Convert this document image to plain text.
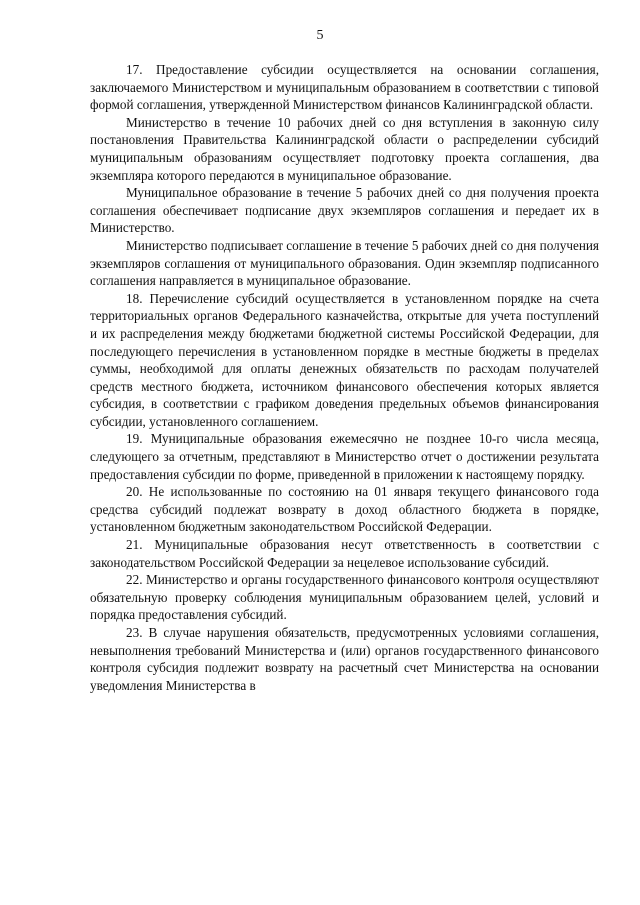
5

17. Предоставление субсидии осуществляется на основании соглашения, заключаемого Министерством и муниципальным образованием в соответствии с типовой формой соглашения, утвержденной Министерством финансов Калининградской области.

Министерство в течение 10 рабочих дней со дня вступления в законную силу постановления Правительства Калининградской области о распределении субсидий муниципальным образованиям осуществляет подготовку проекта соглашения, два экземпляра которого передаются в муниципальное образование.

Муниципальное образование в течение 5 рабочих дней со дня получения проекта соглашения обеспечивает подписание двух экземпляров соглашения и передает их в Министерство.

Министерство подписывает соглашение в течение 5 рабочих дней со дня получения экземпляров соглашения от муниципального образования. Один экземпляр подписанного соглашения направляется в муниципальное образование.

18. Перечисление субсидий осуществляется в установленном порядке на счета территориальных органов Федерального казначейства, открытые для учета поступлений и их распределения между бюджетами бюджетной системы Российской Федерации, для последующего перечисления в установленном порядке в местные бюджеты в пределах суммы, необходимой для оплаты денежных обязательств по расходам получателей средств местного бюджета, источником финансового обеспечения которых является субсидия, в соответствии с графиком доведения предельных объемов финансирования субсидии, установленного соглашением.

19. Муниципальные образования ежемесячно не позднее 10-го числа месяца, следующего за отчетным, представляют в Министерство отчет о достижении результата предоставления субсидии по форме, приведенной в приложении к настоящему порядку.

20. Не использованные по состоянию на 01 января текущего финансового года средства субсидий подлежат возврату в доход областного бюджета в порядке, установленном бюджетным законодательством Российской Федерации.

21. Муниципальные образования несут ответственность в соответствии с законодательством Российской Федерации за нецелевое использование субсидий.

22. Министерство и органы государственного финансового контроля осуществляют обязательную проверку соблюдения муниципальным образованием целей, условий и порядка предоставления субсидий.

23. В случае нарушения обязательств, предусмотренных условиями соглашения, невыполнения требований Министерства и (или) органов государственного финансового контроля субсидия подлежит возврату на расчетный счет Министерства на основании уведомления Министерства в
